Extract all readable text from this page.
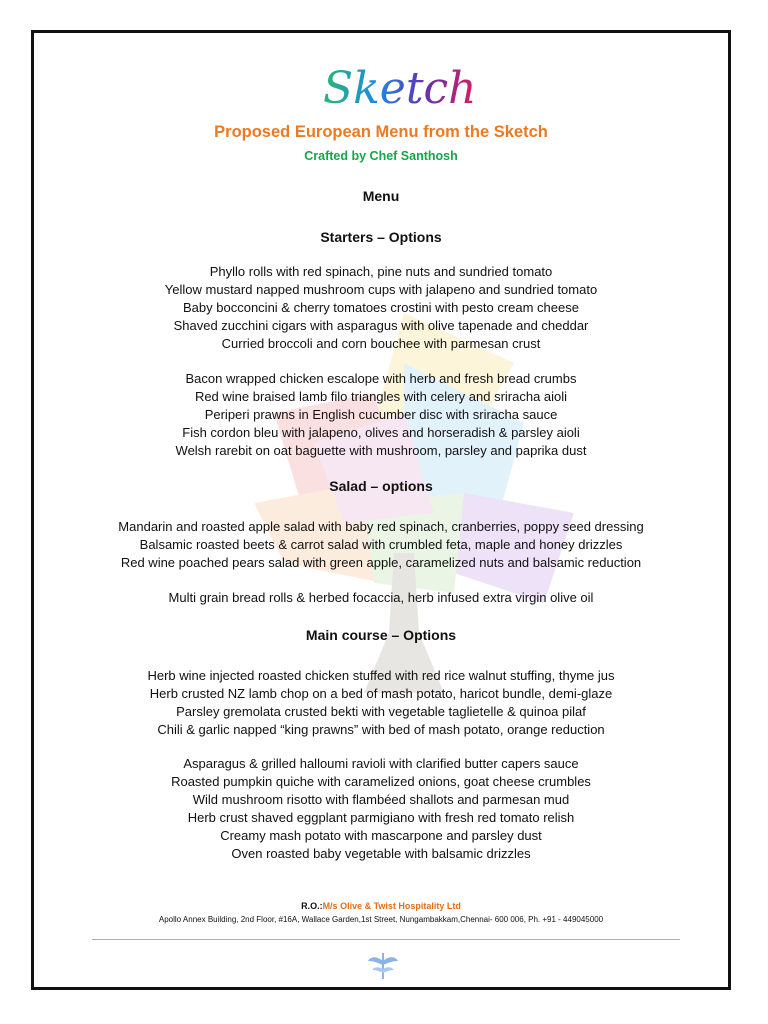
Sketch
Proposed European Menu from the Sketch
Crafted by Chef Santhosh
Menu
Starters – Options
Phyllo rolls with red spinach, pine nuts and sundried tomato
Yellow mustard napped mushroom cups with jalapeno and sundried tomato
Baby bocconcini & cherry tomatoes crostini with pesto cream cheese
Shaved zucchini cigars with asparagus with olive tapenade and cheddar
Curried broccoli and corn bouchee with parmesan crust
Bacon wrapped chicken escalope with herb and fresh bread crumbs
Red wine braised lamb filo triangles with celery and sriracha aioli
Periperi prawns in English cucumber disc with sriracha sauce
Fish cordon bleu with jalapeno, olives and horseradish & parsley aioli
Welsh rarebit on oat baguette with mushroom, parsley and paprika dust
Salad – options
Mandarin and roasted apple salad with baby red spinach, cranberries, poppy seed dressing
Balsamic roasted beets & carrot salad with crumbled feta, maple and honey drizzles
Red wine poached pears salad with green apple, caramelized nuts and balsamic reduction
Multi grain bread rolls & herbed focaccia, herb infused extra virgin olive oil
Main course – Options
Herb wine injected roasted chicken stuffed with red rice walnut stuffing, thyme jus
Herb crusted NZ lamb chop on a bed of mash potato, haricot bundle, demi-glaze
Parsley gremolata crusted bekti with vegetable taglietelle & quinoa pilaf
Chili & garlic napped “king prawns” with bed of mash potato, orange reduction
Asparagus & grilled halloumi ravioli with clarified butter capers sauce
Roasted pumpkin quiche with caramelized onions, goat cheese crumbles
Wild mushroom risotto with flambéed shallots and parmesan mud
Herb crust shaved eggplant parmigiano with fresh red tomato relish
Creamy mash potato with mascarpone and parsley dust
Oven roasted baby vegetable with balsamic drizzles
R.O.:M/s Olive & Twist Hospitality Ltd
Apollo Annex Building, 2nd Floor, #16A, Wallace Garden,1st Street, Nungambakkam,Chennai- 600 006, Ph. +91 - 449045000
